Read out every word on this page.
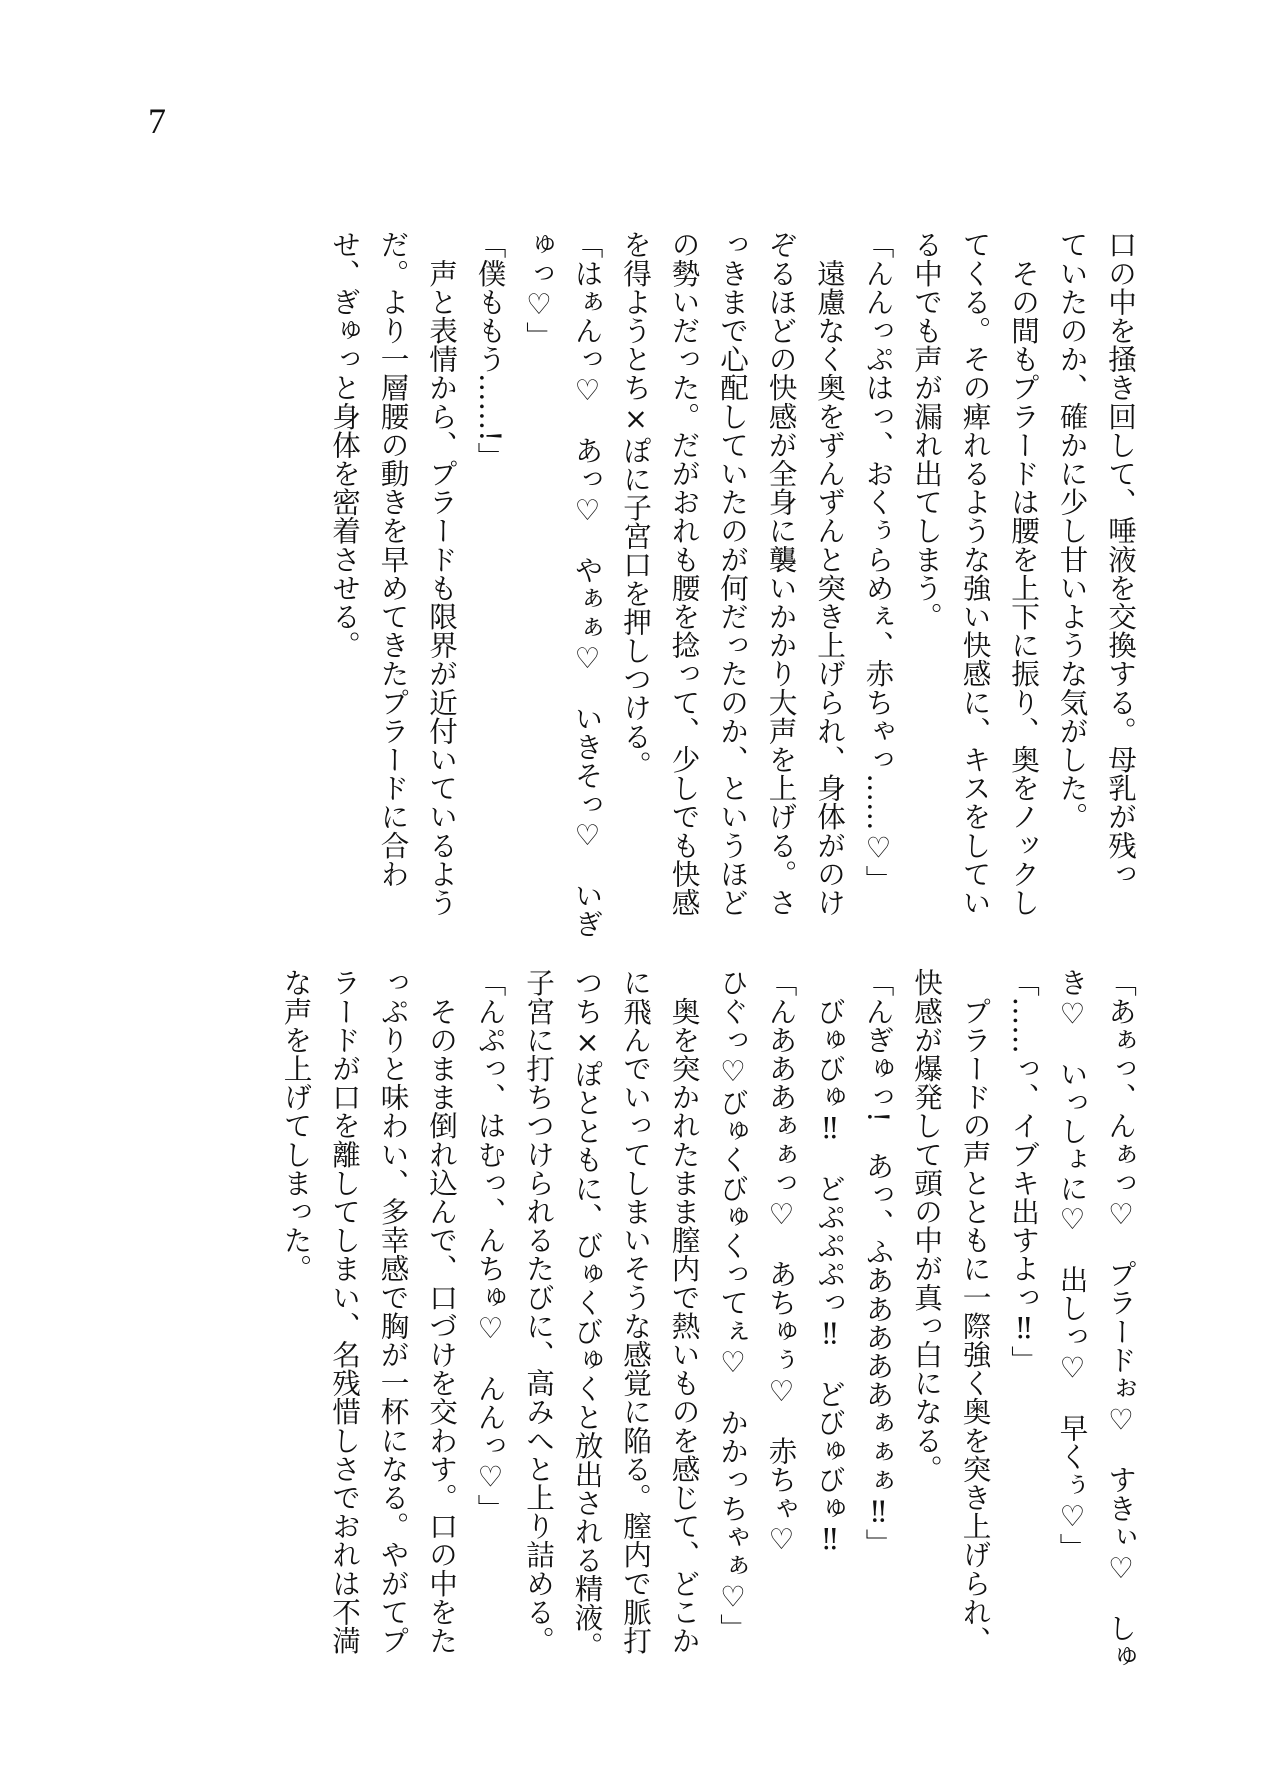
7
口の中を掻き回して、唾液を交換する。母乳が残っ
ていたのか、確かに少し甘いような気がした。
　その間もプラードは腰を上下に振り、奥をノックし
てくる。その痺れるような強い快感に、キスをしてい
る中でも声が漏れ出てしまう。
「んんっぷはっ、おくぅらめぇ、赤ちゃっ……♡」
　遠慮なく奥をずんずんと突き上げられ、身体がのけ
ぞるほどの快感が全身に襲いかかり大声を上げる。さ
っきまで心配していたのが何だったのか、というほど
の勢いだった。だがおれも腰を捻って、少しでも快感
を得ようとち×ぽに子宮口を押しつける。
「はぁんっ♡　あっ♡　やぁぁ♡　いきそっ♡　いぎ
ゅっ♡」
「僕ももう……!」
　声と表情から、プラードも限界が近付いているよう
だ。より一層腰の動きを早めてきたプラードに合わ
せ、ぎゅっと身体を密着させる。
「あぁっ、んぁっ♡　プラードぉ♡　すきぃ♡　しゅ
き♡　いっしょに♡　出しっ♡　早くぅ♡」
「……っ、イブキ出すよっ‼」
　プラードの声とともに一際強く奥を突き上げられ、
快感が爆発して頭の中が真っ白になる。
「んぎゅっ!　あっ、ふあああああぁぁぁ‼」
　びゅびゅ‼　どぷぷぷっ‼　どびゅびゅ‼
「んあああぁぁっ♡　あちゅぅ♡　赤ちゃ♡
ひぐっ♡びゅくびゅくってぇ♡　かかっちゃぁ♡」
　奥を突かれたまま膣内で熱いものを感じて、どこか
に飛んでいってしまいそうな感覚に陥る。膣内で脈打
つち×ぽとともに、びゅくびゅくと放出される精液。
子宮に打ちつけられるたびに、高みへと上り詰める。
「んぷっ、はむっ、んちゅ♡　んんっ♡」
　そのまま倒れ込んで、口づけを交わす。口の中をた
っぷりと味わい、多幸感で胸が一杯になる。やがてプ
ラードが口を離してしまい、名残惜しさでおれは不満
な声を上げてしまった。
